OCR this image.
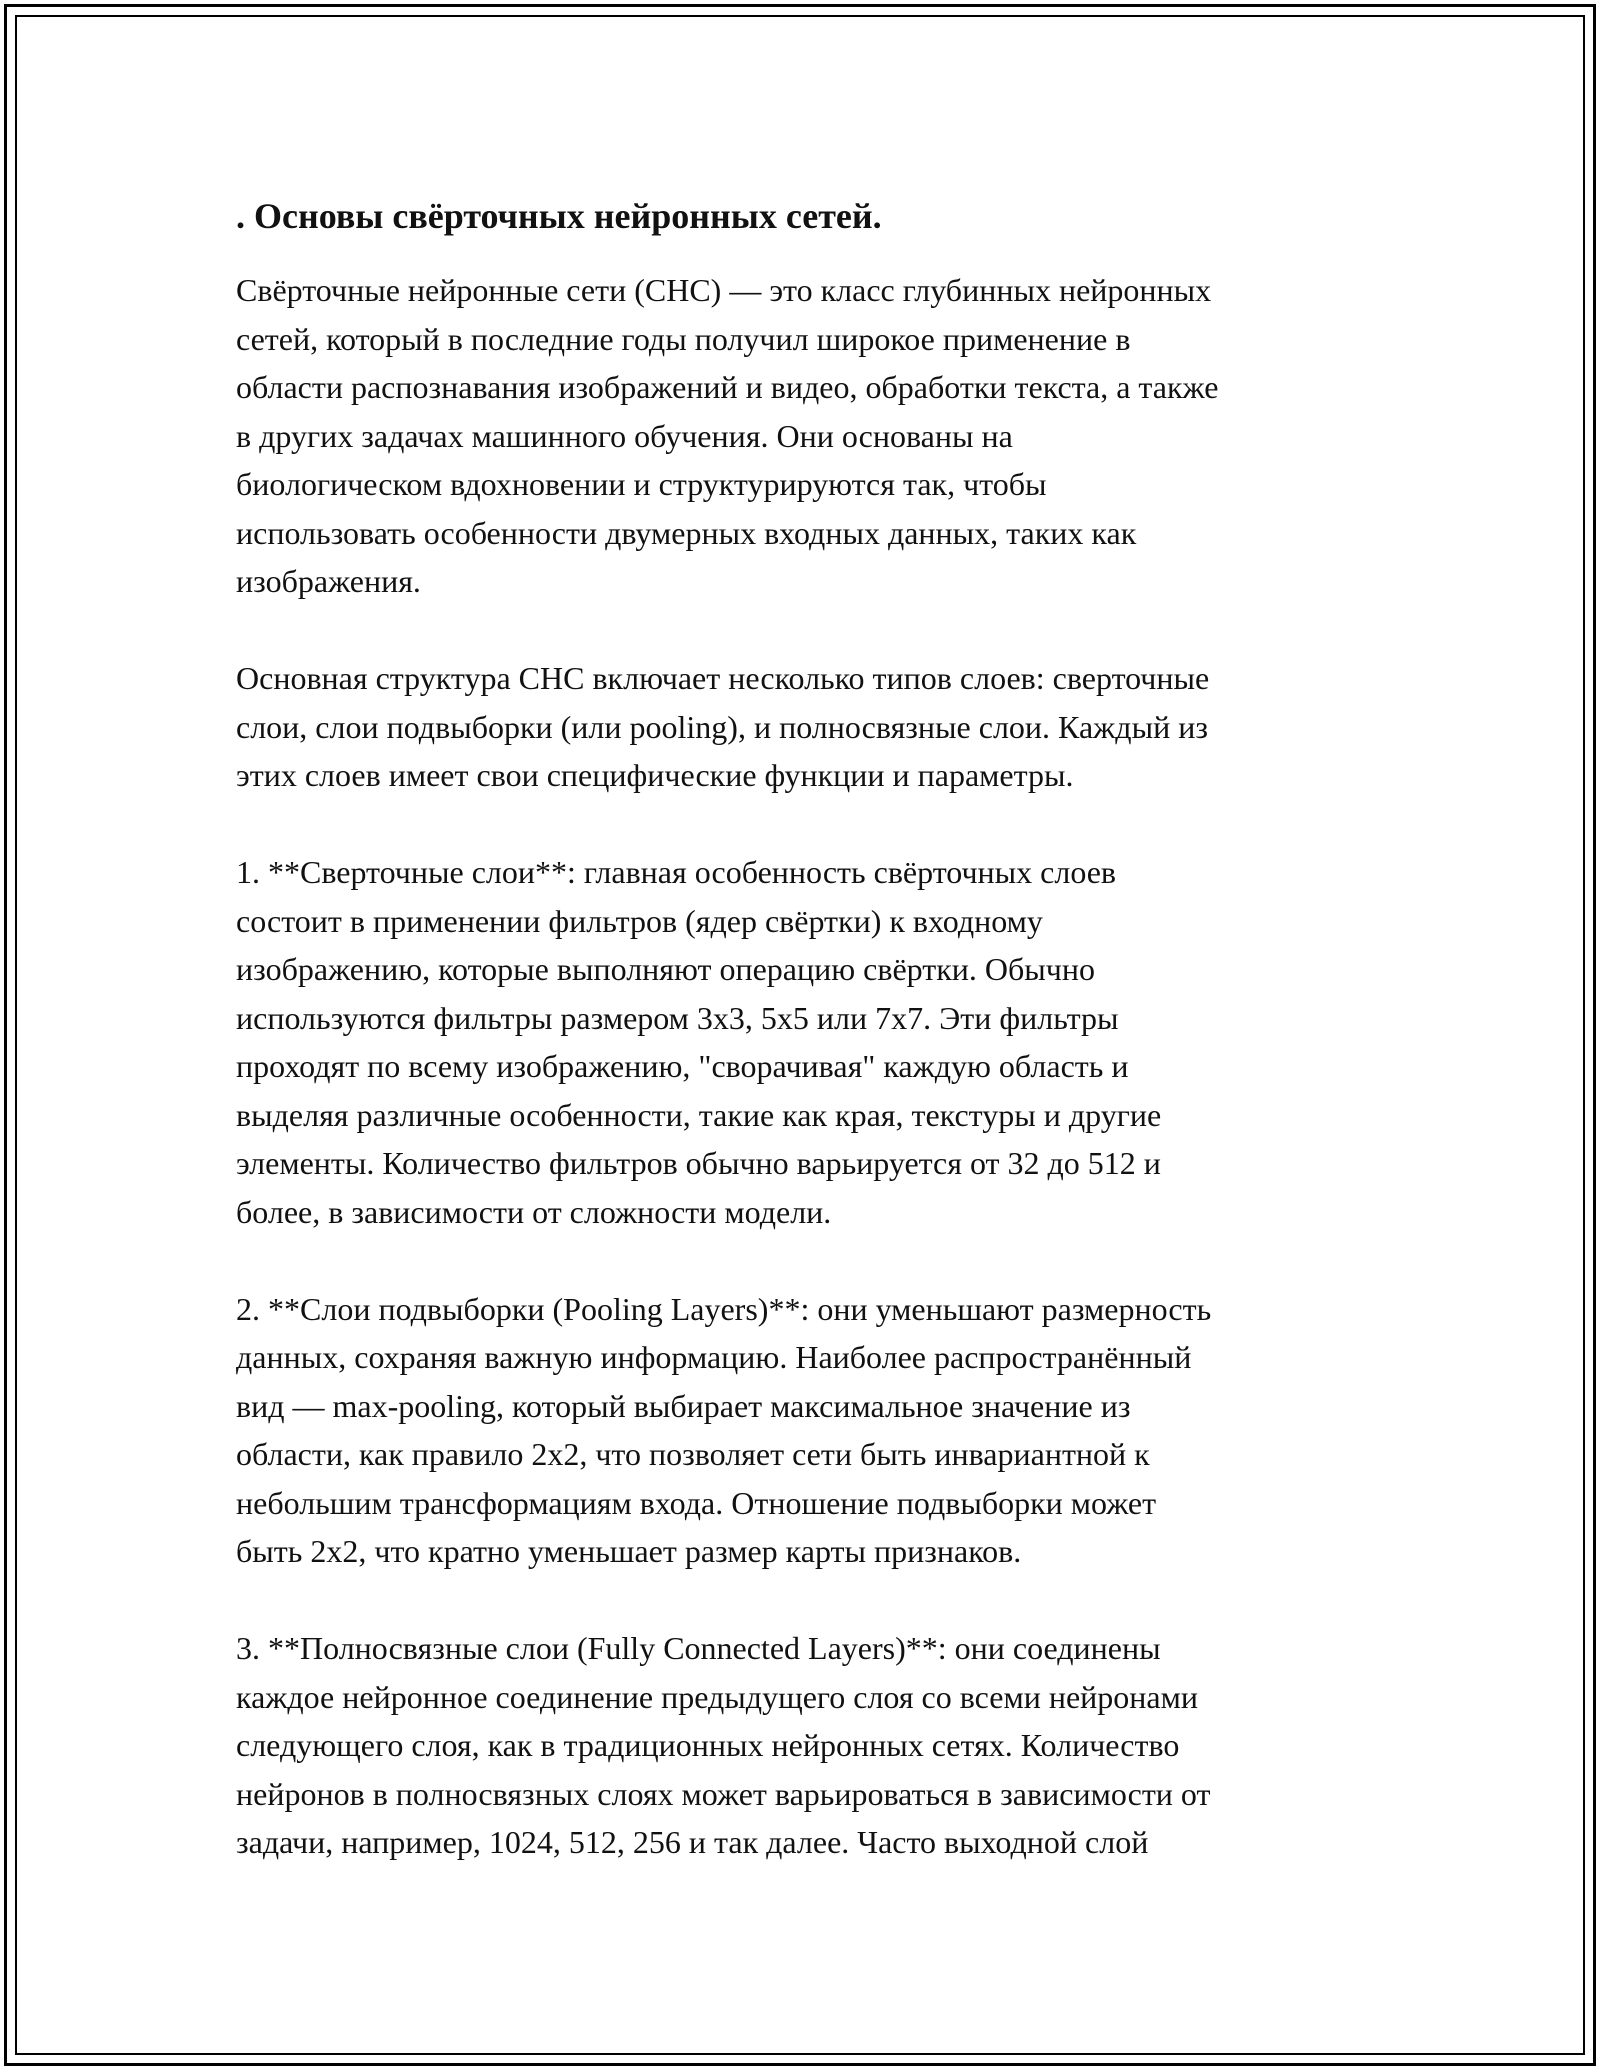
. Основы свёрточных нейронных сетей.
Свёрточные нейронные сети (СНС) — это класс глубинных нейронных
сетей, который в последние годы получил широкое применение в
области распознавания изображений и видео, обработки текста, а также
в других задачах машинного обучения. Они основаны на
биологическом вдохновении и структурируются так, чтобы
использовать особенности двумерных входных данных, таких как
изображения.
Основная структура СНС включает несколько типов слоев: сверточные
слои, слои подвыборки (или pooling), и полносвязные слои. Каждый из
этих слоев имеет свои специфические функции и параметры.
1. **Сверточные слои**: главная особенность свёрточных слоев
состоит в применении фильтров (ядер свёртки) к входному
изображению, которые выполняют операцию свёртки. Обычно
используются фильтры размером 3x3, 5x5 или 7x7. Эти фильтры
проходят по всему изображению, "сворачивая" каждую область и
выделяя различные особенности, такие как края, текстуры и другие
элементы. Количество фильтров обычно варьируется от 32 до 512 и
более, в зависимости от сложности модели.
2. **Слои подвыборки (Pooling Layers)**: они уменьшают размерность
данных, сохраняя важную информацию. Наиболее распространённый
вид — max-pooling, который выбирает максимальное значение из
области, как правило 2x2, что позволяет сети быть инвариантной к
небольшим трансформациям входа. Отношение подвыборки может
быть 2x2, что кратно уменьшает размер карты признаков.
3. **Полносвязные слои (Fully Connected Layers)**: они соединены
каждое нейронное соединение предыдущего слоя со всеми нейронами
следующего слоя, как в традиционных нейронных сетях. Количество
нейронов в полносвязных слоях может варьироваться в зависимости от
задачи, например, 1024, 512, 256 и так далее. Часто выходной слой
